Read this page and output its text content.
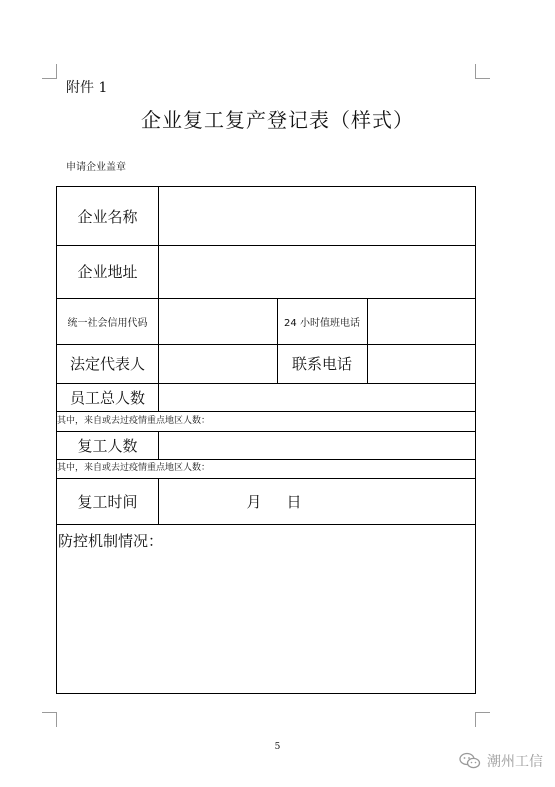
附件 1
企业复工复产登记表（样式）
申请企业盖章
企业名称
企业地址
统一社会信用代码	24 小时值班电话
法定代表人	联系电话
员工总人数
其中，来自或去过疫情重点地区人数：
复工人数
其中，来自或去过疫情重点地区人数：
复工时间	月	日
防控机制情况：
5
潮州工信
